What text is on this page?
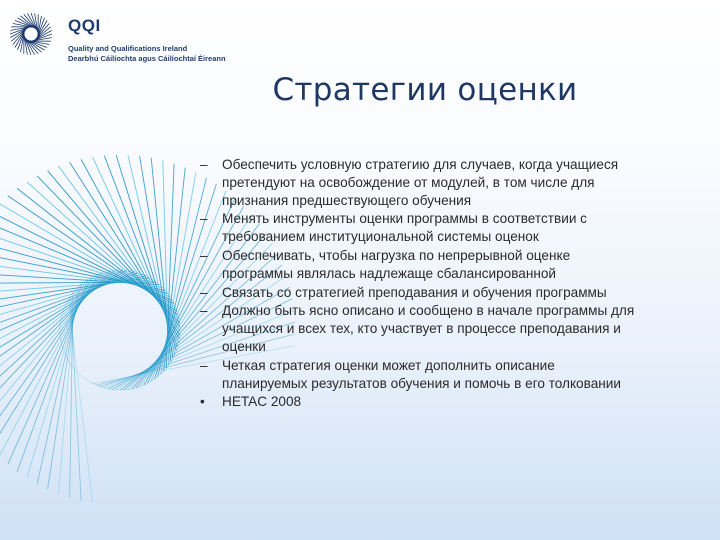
QQI
Quality and Qualifications Ireland
Dearbhú Cáilíochta agus Cáilíochtaí Éireann
Стратегии оценки
–	Обеспечить условную стратегию для случаев, когда учащиеся претендуют на освобождение от модулей, в том числе для признания предшествующего обучения
–	Менять инструменты оценки программы в соответствии с требованием институциональной системы оценок
–	Обеспечивать, чтобы нагрузка по непрерывной оценке программы являлась надлежаще сбалансированной
–	Связать со стратегией преподавания и обучения программы
–	Должно быть ясно описано и сообщено в начале программы для учащихся и всех тех, кто участвует в процессе преподавания и оценки
–	Четкая стратегия оценки может дополнить описание планируемых результатов обучения и помочь в его толковании
•	HETAC 2008
